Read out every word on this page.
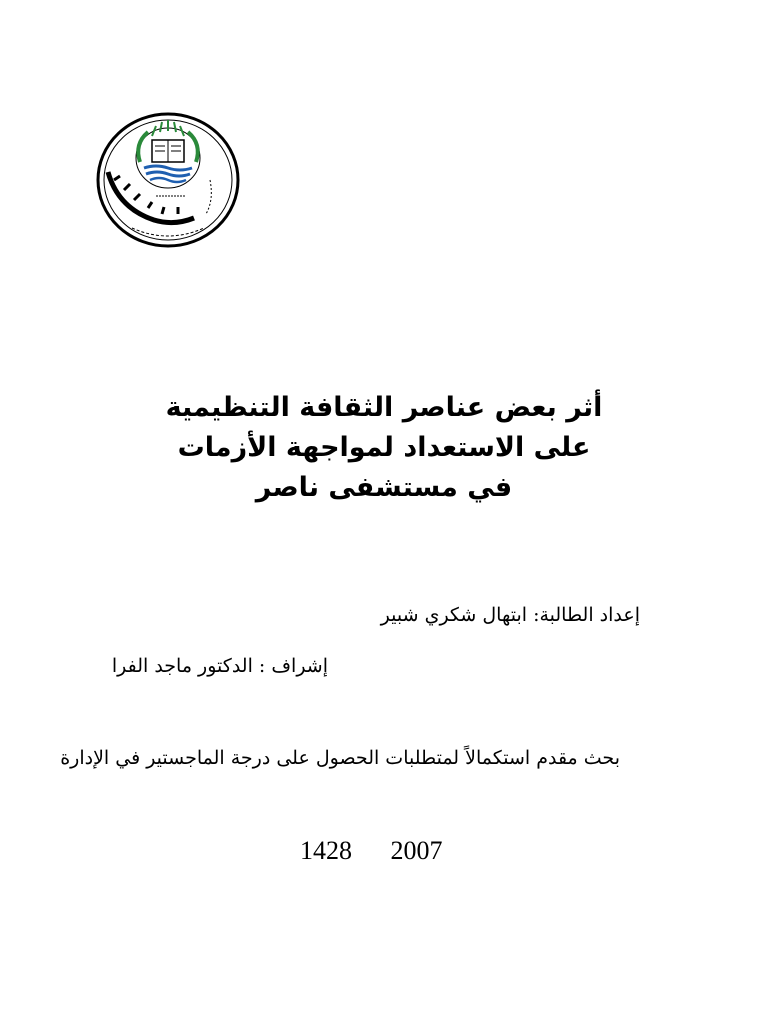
أثر بعض عناصر الثقافة التنظيمية
على الاستعداد لمواجهة الأزمات
في مستشفى ناصر
إعداد الطالبة: ابتهال شكري شبير
إشراف : الدكتور ماجد الفرا
بحث مقدم استكمالاً لمتطلبات الحصول على درجة الماجستير في الإدارة
1428 2007
